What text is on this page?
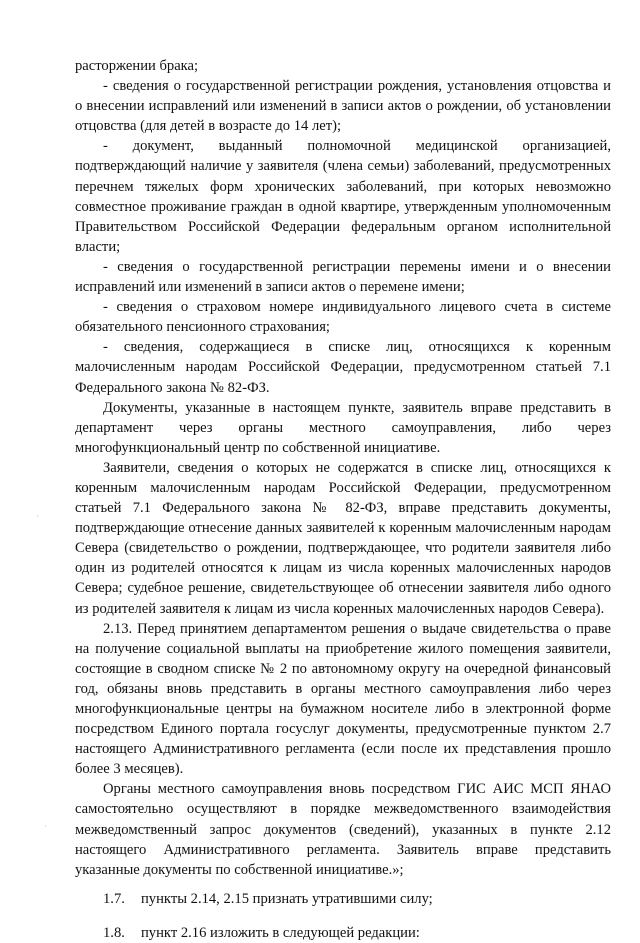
расторжении брака;

- сведения о государственной регистрации рождения, установления отцовства и о внесении исправлений или изменений в записи актов о рождении, об установлении отцовства (для детей в возрасте до 14 лет);

- документ, выданный полномочной медицинской организацией, подтверждающий наличие у заявителя (члена семьи) заболеваний, предусмотренных перечнем тяжелых форм хронических заболеваний, при которых невозможно совместное проживание граждан в одной квартире, утвержденным уполномоченным Правительством Российской Федерации федеральным органом исполнительной власти;

- сведения о государственной регистрации перемены имени и о внесении исправлений или изменений в записи актов о перемене имени;

- сведения о страховом номере индивидуального лицевого счета в системе обязательного пенсионного страхования;

- сведения, содержащиеся в списке лиц, относящихся к коренным малочисленным народам Российской Федерации, предусмотренном статьей 7.1 Федерального закона № 82-ФЗ.

Документы, указанные в настоящем пункте, заявитель вправе представить в департамент через органы местного самоуправления, либо через многофункциональный центр по собственной инициативе.

Заявители, сведения о которых не содержатся в списке лиц, относящихся к коренным малочисленным народам Российской Федерации, предусмотренном статьей 7.1 Федерального закона № 82-ФЗ, вправе представить документы, подтверждающие отнесение данных заявителей к коренным малочисленным народам Севера (свидетельство о рождении, подтверждающее, что родители заявителя либо один из родителей относятся к лицам из числа коренных малочисленных народов Севера; судебное решение, свидетельствующее об отнесении заявителя либо одного из родителей заявителя к лицам из числа коренных малочисленных народов Севера).

2.13. Перед принятием департаментом решения о выдаче свидетельства о праве на получение социальной выплаты на приобретение жилого помещения заявители, состоящие в сводном списке № 2 по автономному округу на очередной финансовый год, обязаны вновь представить в органы местного самоуправления либо через многофункциональные центры на бумажном носителе либо в электронной форме посредством Единого портала госуслуг документы, предусмотренные пунктом 2.7 настоящего Административного регламента (если после их представления прошло более 3 месяцев).

Органы местного самоуправления вновь посредством ГИС АИС МСП ЯНАО самостоятельно осуществляют в порядке межведомственного взаимодействия межведомственный запрос документов (сведений), указанных в пункте 2.12 настоящего Административного регламента. Заявитель вправе представить указанные документы по собственной инициативе.»;

1.7. пункты 2.14, 2.15 признать утратившими силу;

1.8. пункт 2.16 изложить в следующей редакции:

·
·
